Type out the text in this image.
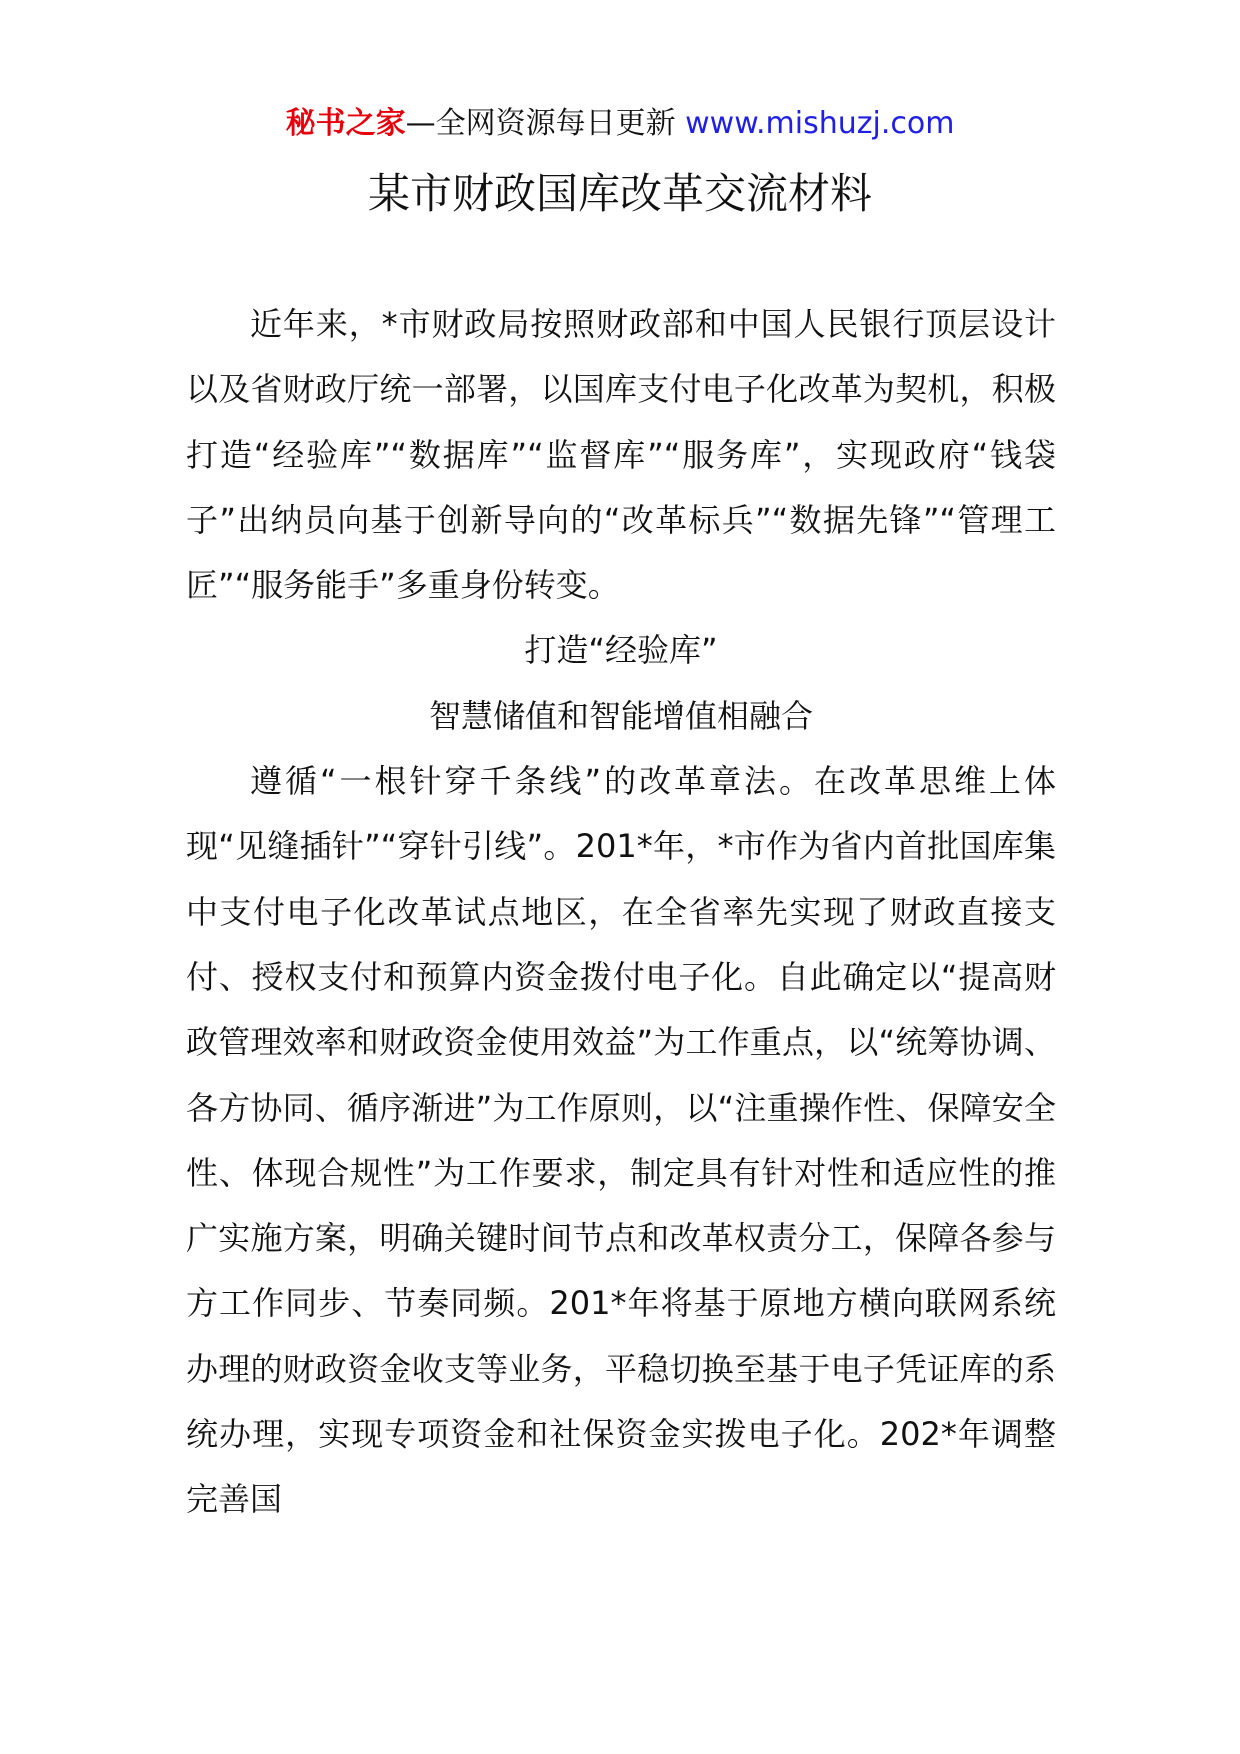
秘书之家—全网资源每日更新 www.mishuzj.com
某市财政国库改革交流材料

近年来，*市财政局按照财政部和中国人民银行顶层设计以及省财政厅统一部署，以国库支付电子化改革为契机，积极打造“经验库”“数据库”“监督库”“服务库”，实现政府“钱袋子”出纳员向基于创新导向的“改革标兵”“数据先锋”“管理工匠”“服务能手”多重身份转变。

打造“经验库”

智慧储值和智能增值相融合

遵循“一根针穿千条线”的改革章法。在改革思维上体现“见缝插针”“穿针引线”。201*年，*市作为省内首批国库集中支付电子化改革试点地区，在全省率先实现了财政直接支付、授权支付和预算内资金拨付电子化。自此确定以“提高财政管理效率和财政资金使用效益”为工作重点，以“统筹协调、各方协同、循序渐进”为工作原则，以“注重操作性、保障安全性、体现合规性”为工作要求，制定具有针对性和适应性的推广实施方案，明确关键时间节点和改革权责分工，保障各参与方工作同步、节奏同频。201*年将基于原地方横向联网系统办理的财政资金收支等业务，平稳切换至基于电子凭证库的系统办理，实现专项资金和社保资金实拨电子化。202*年调整完善国
